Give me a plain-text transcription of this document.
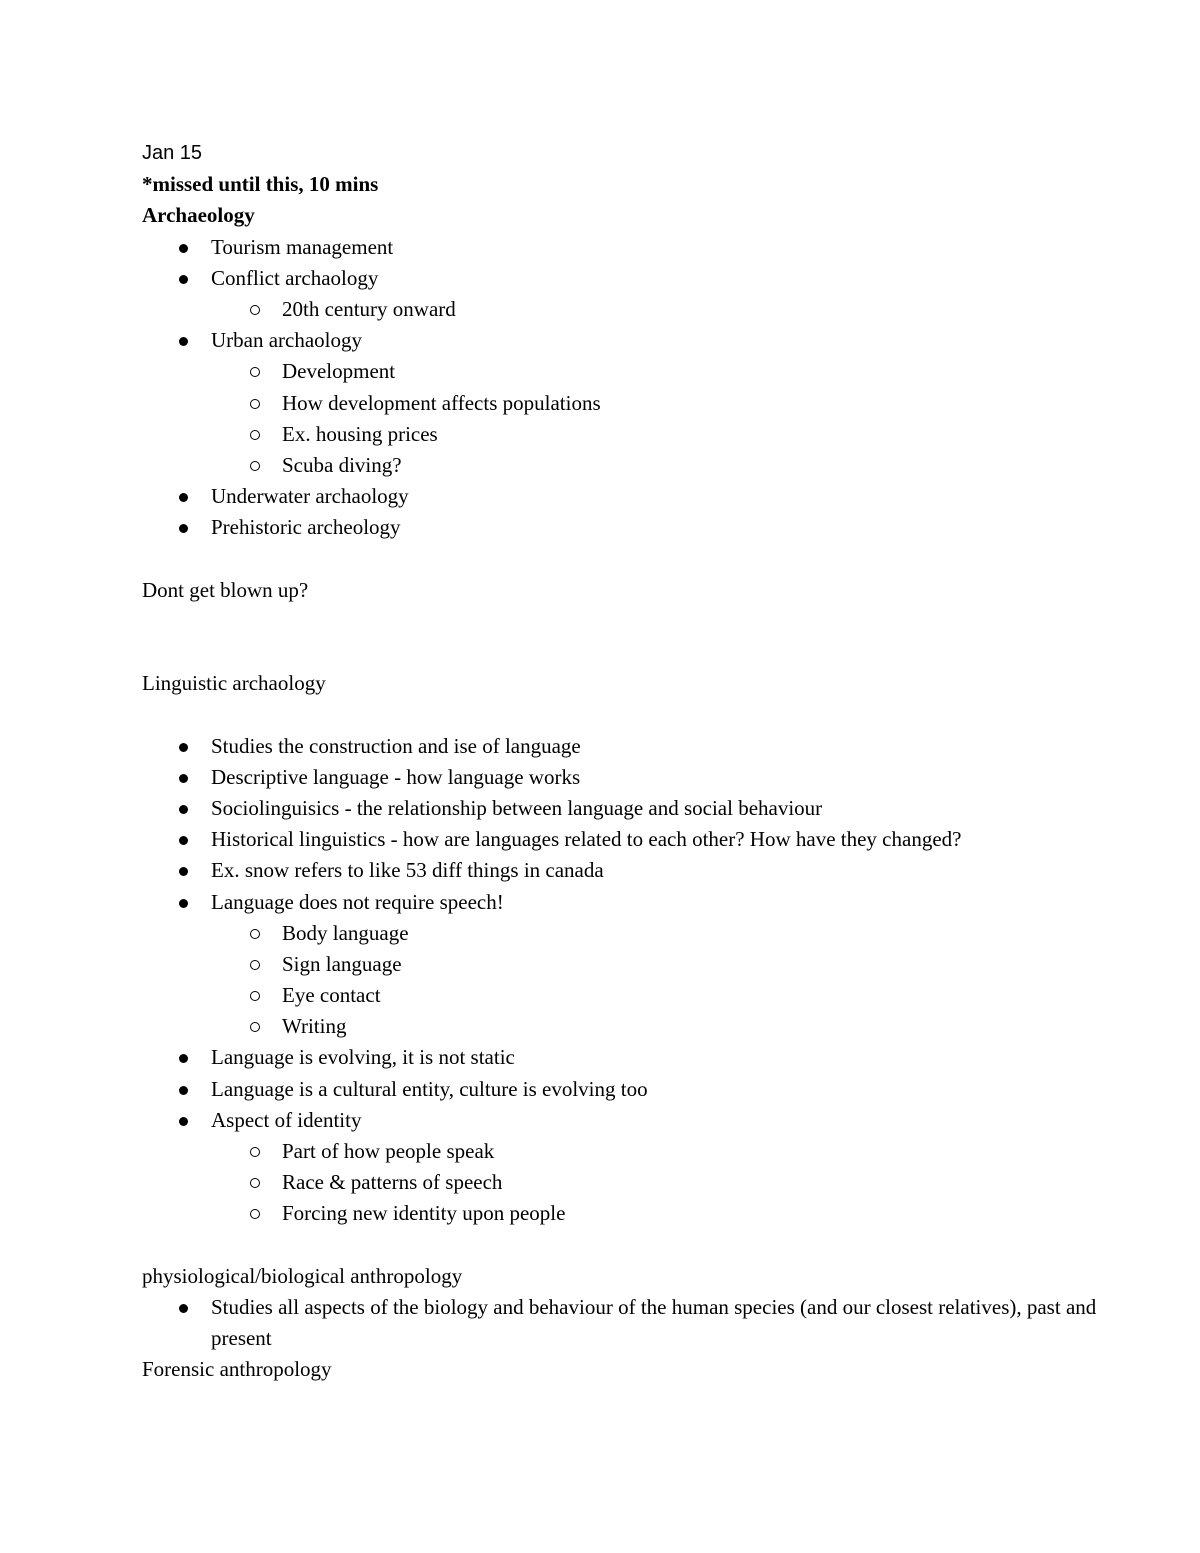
Jan 15
*missed until this, 10 mins
Archaeology
Tourism management
Conflict archaology
20th century onward
Urban archaology
Development
How development affects populations
Ex. housing prices
Scuba diving?
Underwater archaology
Prehistoric archeology
Dont get blown up?
Linguistic archaology
Studies the construction and ise of language
Descriptive language - how language works
Sociolinguisics - the relationship between language and social behaviour
Historical linguistics - how are languages related to each other? How have they changed?
Ex. snow refers to like 53 diff things in canada
Language does not require speech!
Body language
Sign language
Eye contact
Writing
Language is evolving, it is not static
Language is a cultural entity, culture is evolving too
Aspect of identity
Part of how people speak
Race & patterns of speech
Forcing new identity upon people
physiological/biological anthropology
Studies all aspects of the biology and behaviour of the human species (and our closest relatives), past and present
Forensic anthropology
